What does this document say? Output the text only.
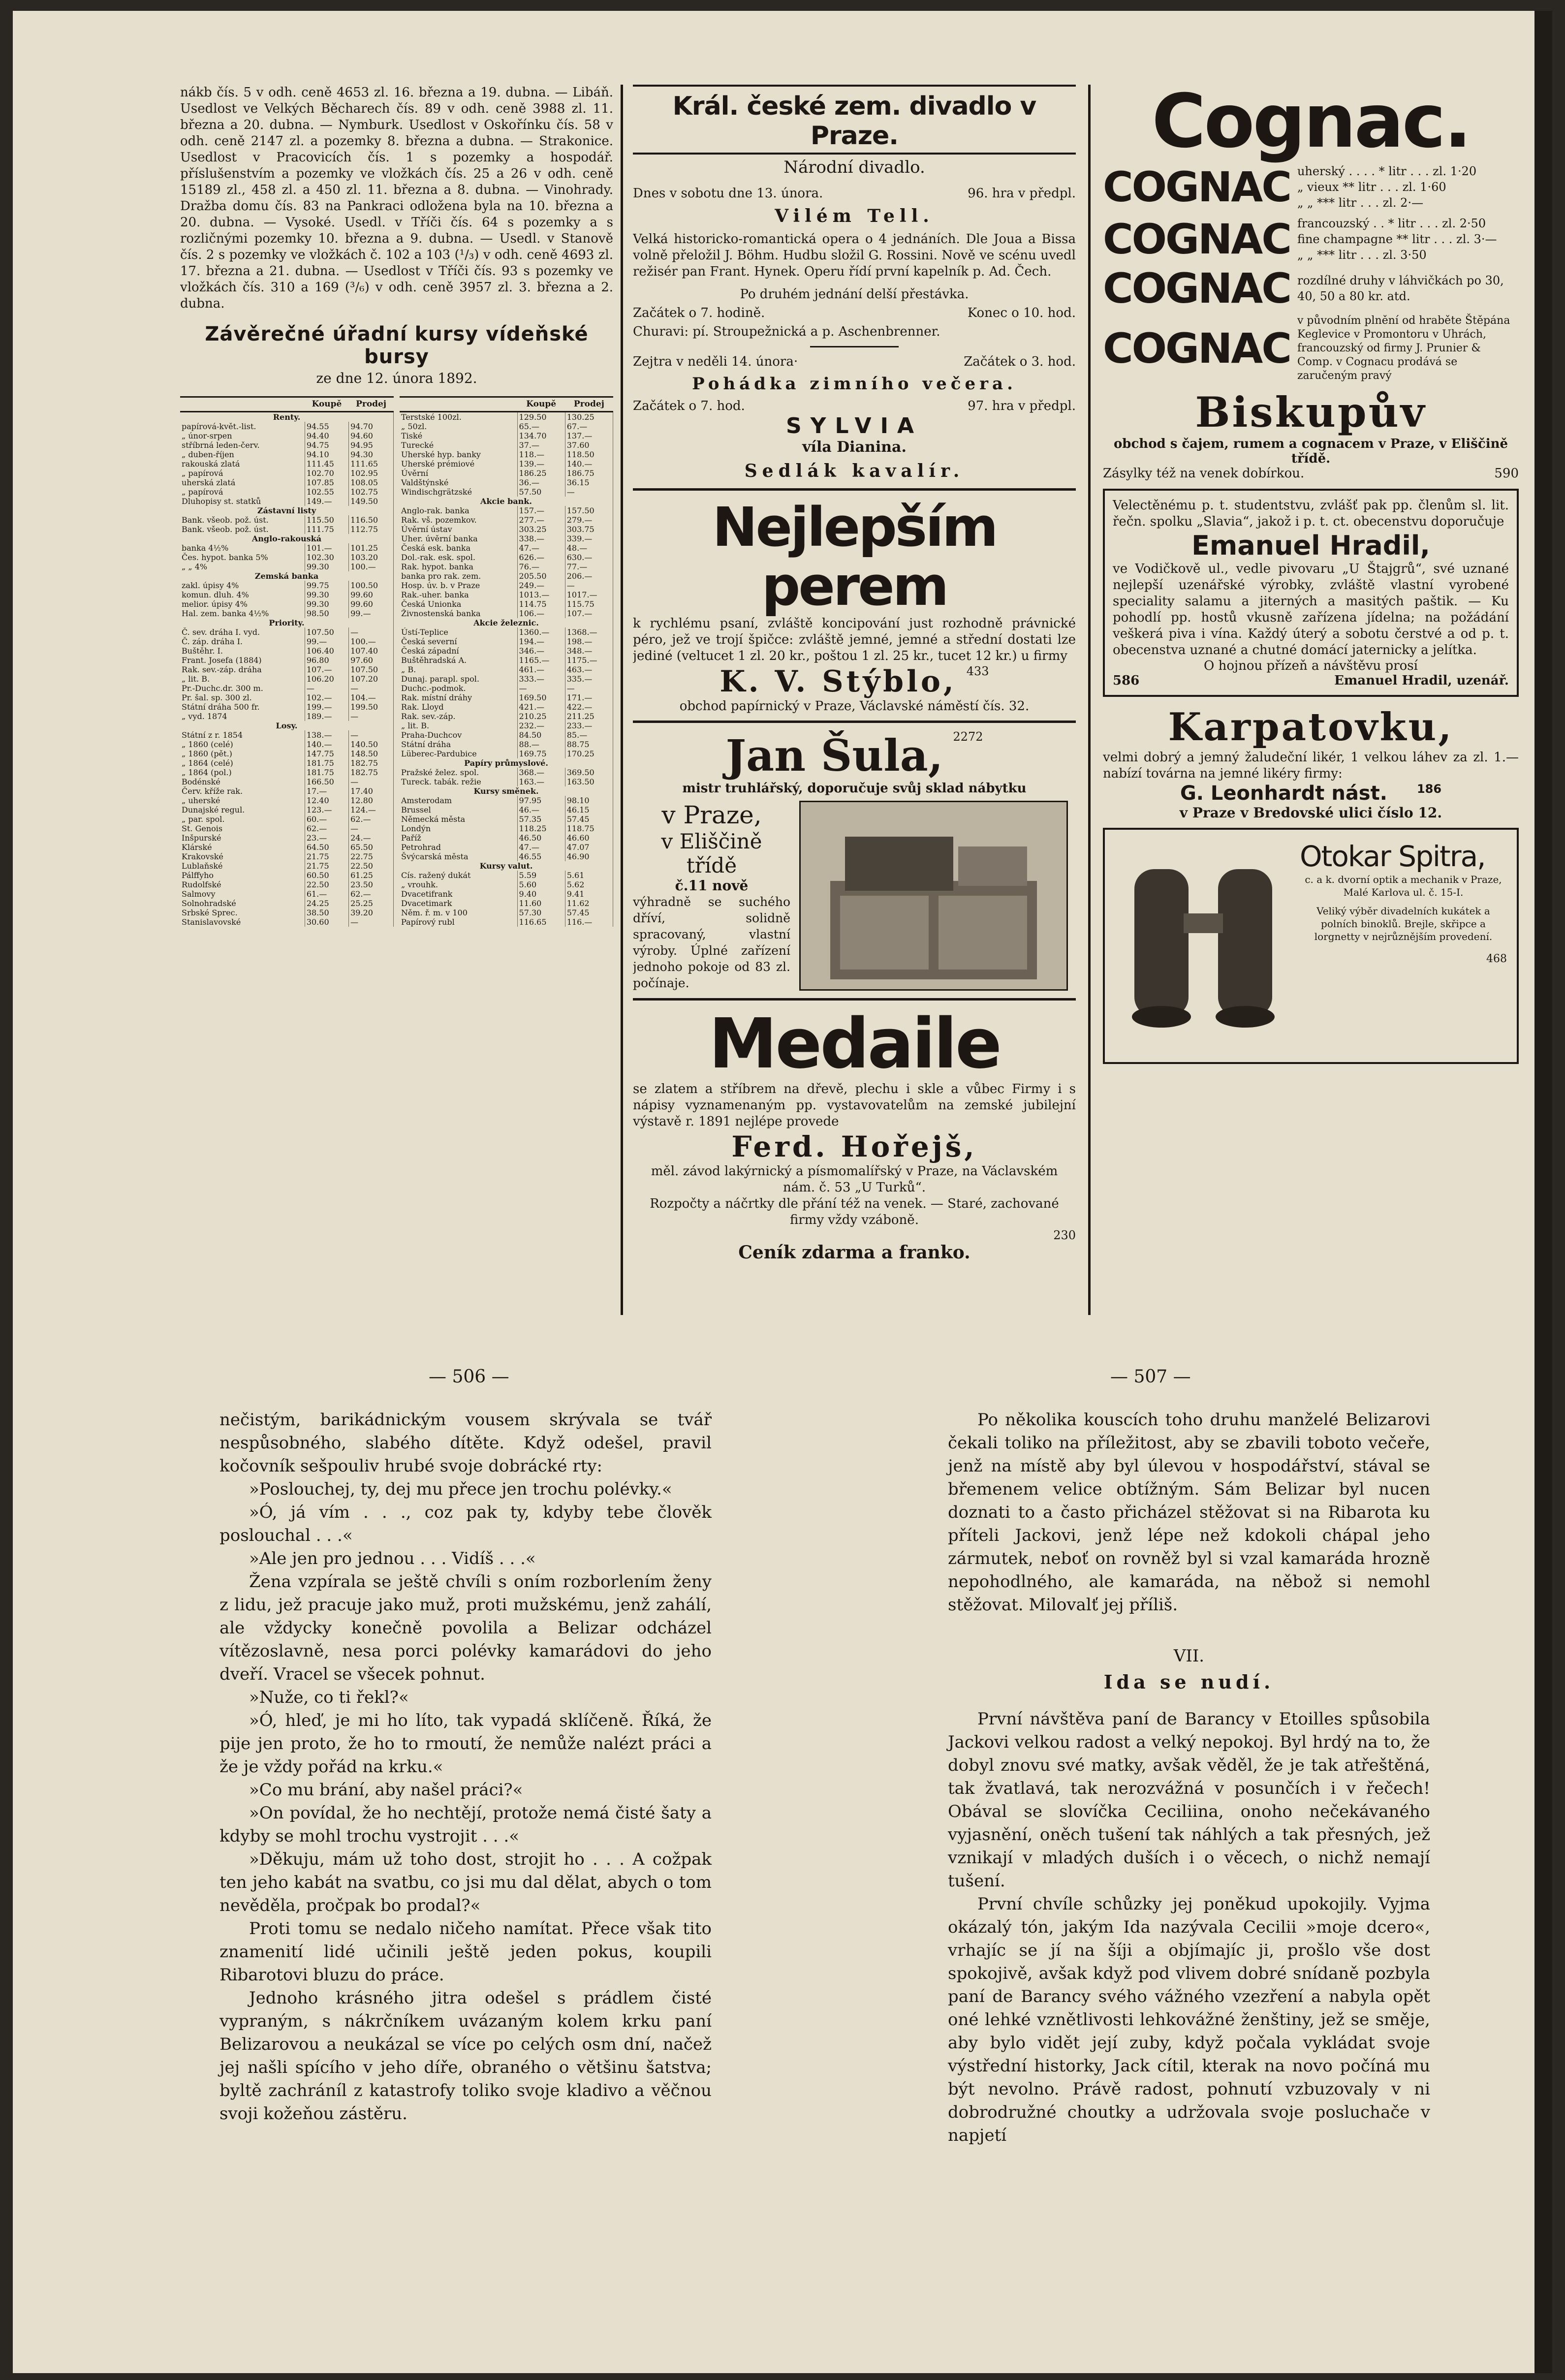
nákb čís. 5 v odh. ceně 4653 zl. 16. března a 19. dubna. — Libáň. Usedlost ve Velkých Běcharech čís. 89 v odh. ceně 3988 zl. 11. března a 20. dubna. — Nymburk. Usedlost v Oskořínku čís. 58 v odh. ceně 2147 zl. a pozemky 8. března a dubna. — Strakonice. Usedlost v Pracovicích čís. 1 s pozemky a hospodář. příslušenstvím a pozemky ve vložkách čís. 25 a 26 v odh. ceně 15189 zl., 458 zl. a 450 zl. 11. března a 8. dubna. — Vinohrady. Dražba domu čís. 83 na Pankraci odložena byla na 10. března a 20. dubna. — Vysoké. Usedl. v Tříči čís. 64 s pozemky a s rozličnými pozemky 10. března a 9. dubna. — Usedl. v Stanově čís. 2 s pozemky ve vložkách č. 102 a 103 (¹/₃) v odh. ceně 4693 zl. 17. března a 21. dubna. — Usedlost v Tříči čís. 93 s pozemky ve vložkách čís. 310 a 169 (³/₆) v odh. ceně 3957 zl. 3. března a 2. dubna.

Závěrečné úřadní kursy vídeňské bursy
ze dne 12. února 1892.
	Koupě	Prodej
Renty.		
papírová-květ.-list.	94.55	94.70
„ únor-srpen	94.40	94.60
stříbrná leden-červ.	94.75	94.95
„ duben-říjen	94.10	94.30
rakouská zlatá	111.45	111.65
„ papírová	102.70	102.95
uherská zlatá	107.85	108.05
„ papírová	102.55	102.75
Dluhopisy st. statků	149.—	149.50
Zástavní listy		
Bank. všeob. pož. úst.	115.50	116.50
Bank. všeob. pož. úst.	111.75	112.75
Anglo-rakouská		
banka 4½%	101.—	101.25
Čes. hypot. banka 5%	102.30	103.20
„ „ 4%	99.30	100.—
Zemská banka		
zakl. úpisy 4%	99.75	100.50
komun. dluh. 4%	99.30	99.60
melior. úpisy 4%	99.30	99.60
Hal. zem. banka 4½%	98.50	99.—
Priority.		
Č. sev. dráha I. vyd.	107.50	—
Č. záp. dráha I.	99.—	100.—
Buštěhr. I.	106.40	107.40
Frant. Josefa (1884)	96.80	97.60
Rak. sev.-záp. dráha	107.—	107.50
„ lit. B.	106.20	107.20
Pr.-Duchc.dr. 300 m.	—	—
Pr. šal. sp. 300 zl.	102.—	104.—
Státní dráha 500 fr.	199.—	199.50
„ vyd. 1874	189.—	—
Losy.		
Státní z r. 1854	138.—	—
„ 1860 (celé)	140.—	140.50
„ 1860 (pět.)	147.75	148.50
„ 1864 (celé)	181.75	182.75
„ 1864 (pol.)	181.75	182.75
Bodénské	166.50	—
Červ. kříže rak.	17.—	17.40
„ uherské	12.40	12.80
Dunajské regul.	123.—	124.—
„ par. spol.	60.—	62.—
St. Genois	62.—	—
Inšpurské	23.—	24.—
Klárské	64.50	65.50
Krakovské	21.75	22.75
Lublaňské	21.75	22.50
Pálffyho	60.50	61.25
Rudolfské	22.50	23.50
Salmovy	61.—	62.—
Solnohradské	24.25	25.25
Srbské Sprec.	38.50	39.20
Stanislavovské	30.60	—
	Koupě	Prodej
Terstské 100zl.	129.50	130.25
„ 50zl.	65.—	67.—
Tiské	134.70	137.—
Turecké	37.—	37.60
Uherské hyp. banky	118.—	118.50
Uherské prémiové	139.—	140.—
Úvěrní	186.25	186.75
Valdštýnské	36.—	36.15
Windischgrätzské	57.50	—
Akcie bank.		
Anglo-rak. banka	157.—	157.50
Rak. vš. pozemkov.	277.—	279.—
Úvěrní ústav	303.25	303.75
Uher. úvěrní banka	338.—	339.—
Česká esk. banka	47.—	48.—
Dol.-rak. esk. spol.	626.—	630.—
Rak. hypot. banka	76.—	77.—
banka pro rak. zem.	205.50	206.—
Hosp. úv. b. v Praze	249.—	—
Rak.-uher. banka	1013.—	1017.—
Česká Unionka	114.75	115.75
Živnostenská banka	106.—	107.—
Akcie železnic.		
Ústí-Teplice	1360.—	1368.—
Česká severní	194.—	198.—
Česká západní	346.—	348.—
Buštěhradská A.	1165.—	1175.—
„ B.	461.—	463.—
Dunaj. parapl. spol.	333.—	335.—
Duchc.-podmok.	—	—
Rak. místní dráhy	169.50	171.—
Rak. Lloyd	421.—	422.—
Rak. sev.-záp.	210.25	211.25
„ lit. B.	232.—	233.—
Praha-Duchcov	84.50	85.—
Státní dráha	88.—	88.75
Lüberec-Pardubice	169.75	170.25
Papíry průmyslové.		
Pražské želez. spol.	368.—	369.50
Tureck. tabák. režie	163.—	163.50
Kursy směnek.		
Amsterodam	97.95	98.10
Brussel	46.—	46.15
Německá města	57.35	57.45
Londýn	118.25	118.75
Paříž	46.50	46.60
Petrohrad	47.—	47.07
Švýcarská města	46.55	46.90
Kursy valut.		
Cís. ražený dukát	5.59	5.61
„ vrouhk.	5.60	5.62
Dvacetifrank	9.40	9.41
Dvacetimark	11.60	11.62
Něm. ř. m. v 100	57.30	57.45
Papírový rubl	116.65	116.—
Král. české zem. divadlo v Praze.
Národní divadlo.
Dnes v sobotu dne 13. února.	96. hra v předpl.
Vilém Tell.

Velká historicko-romantická opera o 4 jednáních. Dle Joua a Bissa volně přeložil J. Böhm. Hudbu složil G. Rossini. Nově ve scénu uvedl režisér pan Frant. Hynek. Operu řídí první kapelník p. Ad. Čech.

Po druhém jednání delší přestávka.
Začátek o 7. hodině.	Konec o 10. hod.
Churavi: pí. Stroupežnická a p. Aschenbrenner.
Zejtra v neděli 14. února·	Začátek o 3. hod.
Pohádka zimního večera.
Začátek o 7. hod.	97. hra v předpl.
SYLVIA
víla Dianina.
Sedlák kavalír.
Nejlepším perem

k rychlému psaní, zvláště koncipování just rozhodně právnické péro, jež ve trojí špičce: zvláště jemné, jemné a střední dostati lze jediné (veltucet 1 zl. 20 kr., poštou 1 zl. 25 kr., tucet 12 kr.) u firmy

K. V. Stýblo, 433
obchod papírnický v Praze, Václavské náměstí čís. 32.
Jan Šula, 2272
mistr truhlářský, doporučuje svůj sklad nábytku
v Praze,
v Eliščině třídě
č.11 nově

výhradně se suchého dříví, solidně spracovaný, vlastní výroby. Úplné zařízení jednoho pokoje od 83 zl. počínaje.

Medaile

se zlatem a stříbrem na dřevě, plechu i skle a vůbec Firmy i s nápisy vyznamenaným pp. vystavovatelům na zemské jubilejní výstavě r. 1891 nejlépe provede

Ferd. Hořejš,

měl. závod lakýrnický a písmomalířský v Praze, na Václavském nám. č. 53 „U Turků“.

Rozpočty a náčrtky dle přání též na venek. — Staré, zachované firmy vždy vzáboně.

230
Ceník zdarma a franko.
Cognac.
COGNAC uherský . . . . * litr . . . zl. 1·20
„ vieux ** litr . . . zl. 1·60
„ „ *** litr . . . zl. 2·—
COGNAC francouzský . . * litr . . . zl. 2·50
fine champagne ** litr . . . zl. 3·—
„ „ *** litr . . . zl. 3·50
COGNAC rozdílné druhy v láhvičkách po 30, 40, 50 a 80 kr. atd.
COGNAC
v původním plnění od hraběte Štěpána Keglevice v Promontoru v Uhrách, francouzský od firmy J. Prunier & Comp. v Cognacu prodává se zaručeným pravý
Biskupův
obchod s čajem, rumem a cognacem v Praze, v Eliščině třídě.
Zásylky též na venek dobírkou.	590

Velectěnému p. t. studentstvu, zvlášť pak pp. členům sl. lit. řečn. spolku „Slavia“, jakož i p. t. ct. obecenstvu doporučuje

Emanuel Hradil,

ve Vodičkově ul., vedle pivovaru „U Štajgrů“, své uznané nejlepší uzenářské výrobky, zvláště vlastní vyrobené speciality salamu a jiterných a masitých paštik. — Ku pohodlí pp. hostů vkusně zařízena jídelna; na požádání veškerá piva i vína. Každý úterý a sobotu čerstvé a od p. t. obecenstva uznané a chutné domácí jaternicky a jelítka.

O hojnou přízeň a návštěvu prosí
586	Emanuel Hradil, uzenář.
Karpatovku,

velmi dobrý a jemný žaludeční likér, 1 velkou láhev za zl. 1.— nabízí továrna na jemné likéry firmy:

G. Leonhardt nást.	186
v Praze v Bredovské ulici číslo 12.
Otokar Spitra,

c. a k. dvorní optik a mechanik v Praze, Malé Karlova ul. č. 15-I.

Veliký výběr divadelních kukátek a polních binoklů. Brejle, skřipce a lorgnetty v nejrůznějším provedení.

468
— 506 —	— 507 —

nečistým, barikádnickým vousem skrývala se tvář nespůsobného, slabého dítěte. Když odešel, pravil kočovník sešpouliv hrubé svoje dobrácké rty:

»Poslouchej, ty, dej mu přece jen trochu polévky.«

»Ó, já vím . . ., coz pak ty, kdyby tebe člověk poslouchal . . .«

»Ale jen pro jednou . . . Vidíš . . .«

Žena vzpírala se ještě chvíli s oním rozborlením ženy z lidu, jež pracuje jako muž, proti mužskému, jenž zahálí, ale vždycky konečně povolila a Belizar odcházel vítězoslavně, nesa porci polévky kamarádovi do jeho dveří. Vracel se všecek pohnut.

»Nuže, co ti řekl?«

»Ó, hleď, je mi ho líto, tak vypadá sklíčeně. Říká, že pije jen proto, že ho to rmoutí, že nemůže nalézt práci a že je vždy pořád na krku.«

»Co mu brání, aby našel práci?«

»On povídal, že ho nechtějí, protože nemá čisté šaty a kdyby se mohl trochu vystrojit . . .«

»Děkuju, mám už toho dost, strojit ho . . . A cožpak ten jeho kabát na svatbu, co jsi mu dal dělat, abych o tom nevěděla, pročpak bo prodal?«

Proti tomu se nedalo ničeho namítat. Přece však tito znamenití lidé učinili ještě jeden pokus, koupili Ribarotovi bluzu do práce.

Jednoho krásného jitra odešel s prádlem čisté vypraným, s nákrčníkem uvázaným kolem krku paní Belizarovou a neukázal se více po celých osm dní, načež jej našli spícího v jeho díře, obraného o většinu šatstva; byltě zachráníl z katastrofy toliko svoje kladivo a věčnou svoji kožeňou zástěru.

Po několika kouscích toho druhu manželé Belizarovi čekali toliko na příležitost, aby se zbavili toboto večeře, jenž na místě aby byl úlevou v hospodářství, stával se břemenem velice obtížným. Sám Belizar byl nucen doznati to a často přicházel stěžovat si na Ribarota ku příteli Jackovi, jenž lépe než kdokoli chápal jeho zármutek, neboť on rovněž byl si vzal kamaráda hrozně nepohodlného, ale kamaráda, na něbož si nemohl stěžovat. Milovalť jej příliš.

VII.
Ida se nudí.

První návštěva paní de Barancy v Etoilles spůsobila Jackovi velkou radost a velký nepokoj. Byl hrdý na to, že dobyl znovu své matky, avšak věděl, že je tak atřeštěná, tak žvatlavá, tak nerozvážná v posunčích i v řečech! Obával se slovíčka Ceciliina, onoho nečekávaného vyjasnění, oněch tušení tak náhlých a tak přesných, jež vznikají v mladých duších i o věcech, o nichž nemají tušení.

První chvíle schůzky jej poněkud upokojily. Vyjma okázalý tón, jakým Ida nazývala Cecilii »moje dcero«, vrhajíc se jí na šíji a objímajíc ji, prošlo vše dost spokojivě, avšak když pod vlivem dobré snídaně pozbyla paní de Barancy svého vážného vzezření a nabyla opět oné lehké vznětlivosti lehkovážné ženštiny, jež se směje, aby bylo vidět její zuby, když počala vykládat svoje výstřední historky, Jack cítil, kterak na novo počíná mu být nevolno. Právě radost, pohnutí vzbuzovaly v ni dobrodružné choutky a udržovala svoje posluchače v napjetí
